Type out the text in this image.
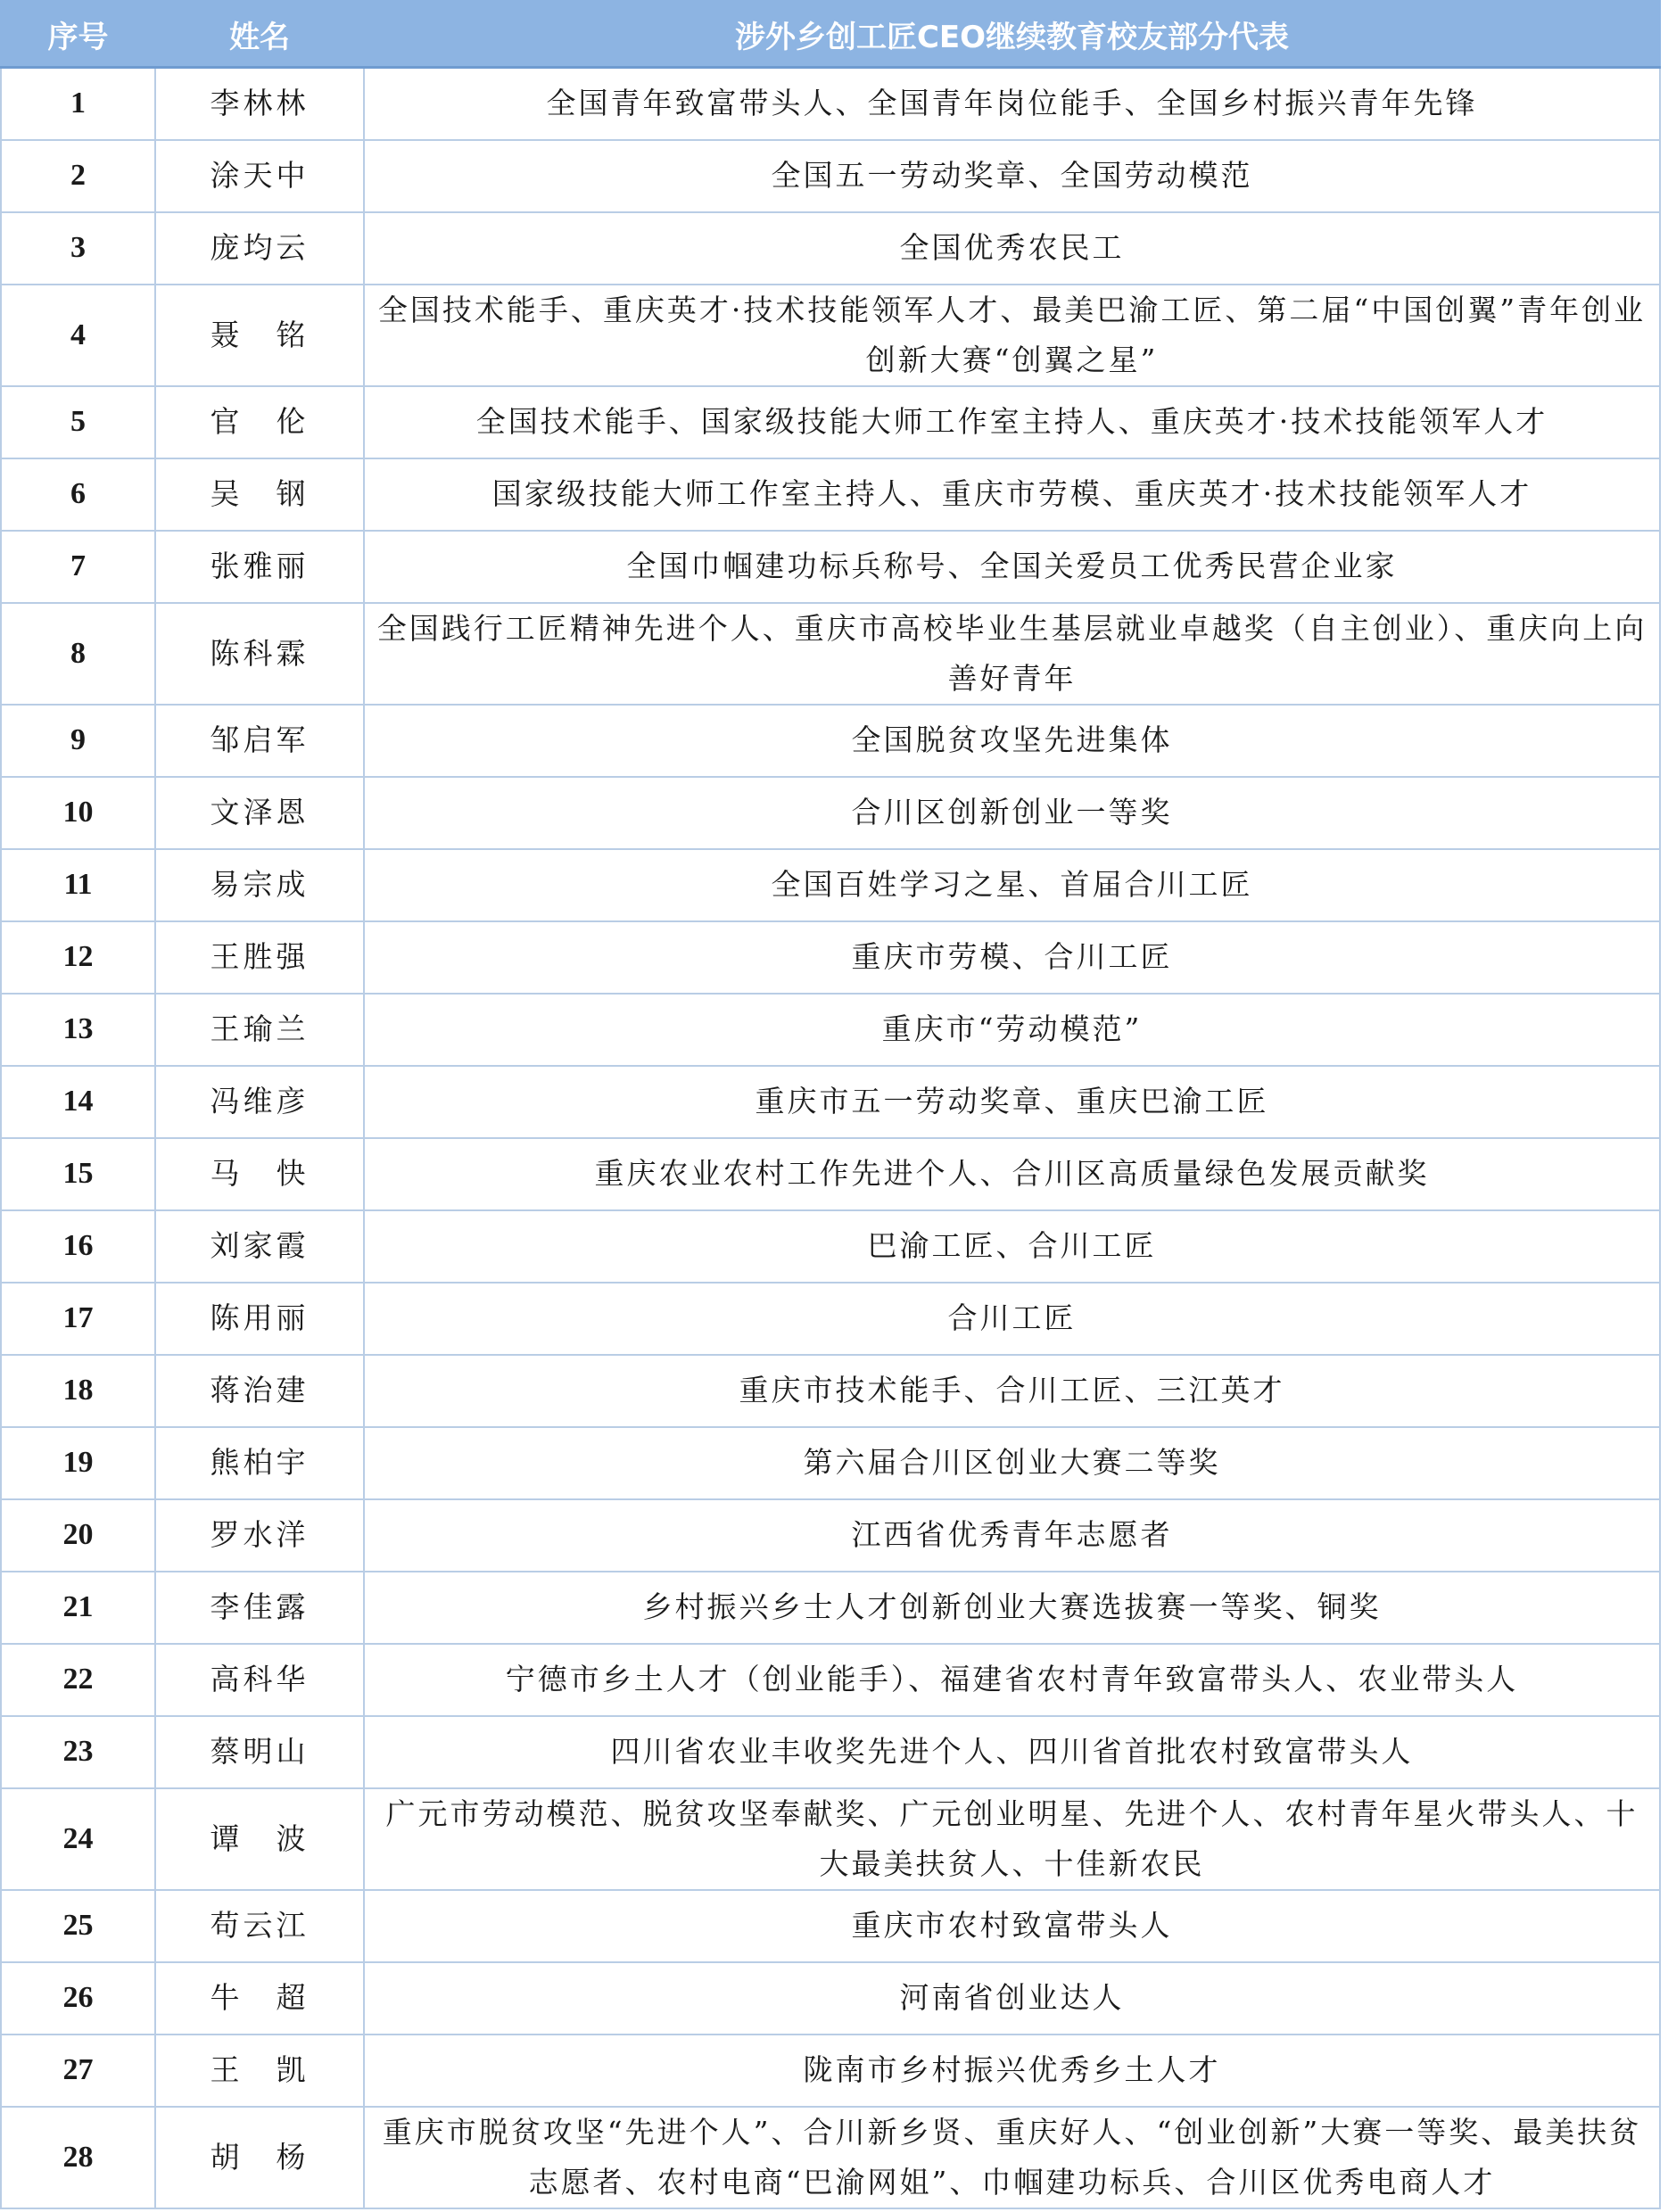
序号	姓名	涉外乡创工匠CEO继续教育校友部分代表
1	李林林	全国青年致富带头人、全国青年岗位能手、全国乡村振兴青年先锋
2	涂天中	全国五一劳动奖章、全国劳动模范
3	庞均云	全国优秀农民工
4	聂　铭	全国技术能手、重庆英才·技术技能领军人才、最美巴渝工匠、第二届“中国创翼”青年创业创新大赛“创翼之星”
5	官　伦	全国技术能手、国家级技能大师工作室主持人、重庆英才·技术技能领军人才
6	吴　钢	国家级技能大师工作室主持人、重庆市劳模、重庆英才·技术技能领军人才
7	张雅丽	全国巾帼建功标兵称号、全国关爱员工优秀民营企业家
8	陈科霖	全国践行工匠精神先进个人、重庆市高校毕业生基层就业卓越奖（自主创业）、重庆向上向善好青年
9	邹启军	全国脱贫攻坚先进集体
10	文泽恩	合川区创新创业一等奖
11	易宗成	全国百姓学习之星、首届合川工匠
12	王胜强	重庆市劳模、合川工匠
13	王瑜兰	重庆市“劳动模范”
14	冯维彦	重庆市五一劳动奖章、重庆巴渝工匠
15	马　快	重庆农业农村工作先进个人、合川区高质量绿色发展贡献奖
16	刘家霞	巴渝工匠、合川工匠
17	陈用丽	合川工匠
18	蒋治建	重庆市技术能手、合川工匠、三江英才
19	熊柏宇	第六届合川区创业大赛二等奖
20	罗水洋	江西省优秀青年志愿者
21	李佳露	乡村振兴乡士人才创新创业大赛选拔赛一等奖、铜奖
22	高科华	宁德市乡土人才（创业能手）、福建省农村青年致富带头人、农业带头人
23	蔡明山	四川省农业丰收奖先进个人、四川省首批农村致富带头人
24	谭　波	广元市劳动模范、脱贫攻坚奉献奖、广元创业明星、先进个人、农村青年星火带头人、十大最美扶贫人、十佳新农民
25	苟云江	重庆市农村致富带头人
26	牛　超	河南省创业达人
27	王　凯	陇南市乡村振兴优秀乡土人才
28	胡　杨	重庆市脱贫攻坚“先进个人”、合川新乡贤、重庆好人、“创业创新”大赛一等奖、最美扶贫志愿者、农村电商“巴渝网姐”、巾帼建功标兵、合川区优秀电商人才
